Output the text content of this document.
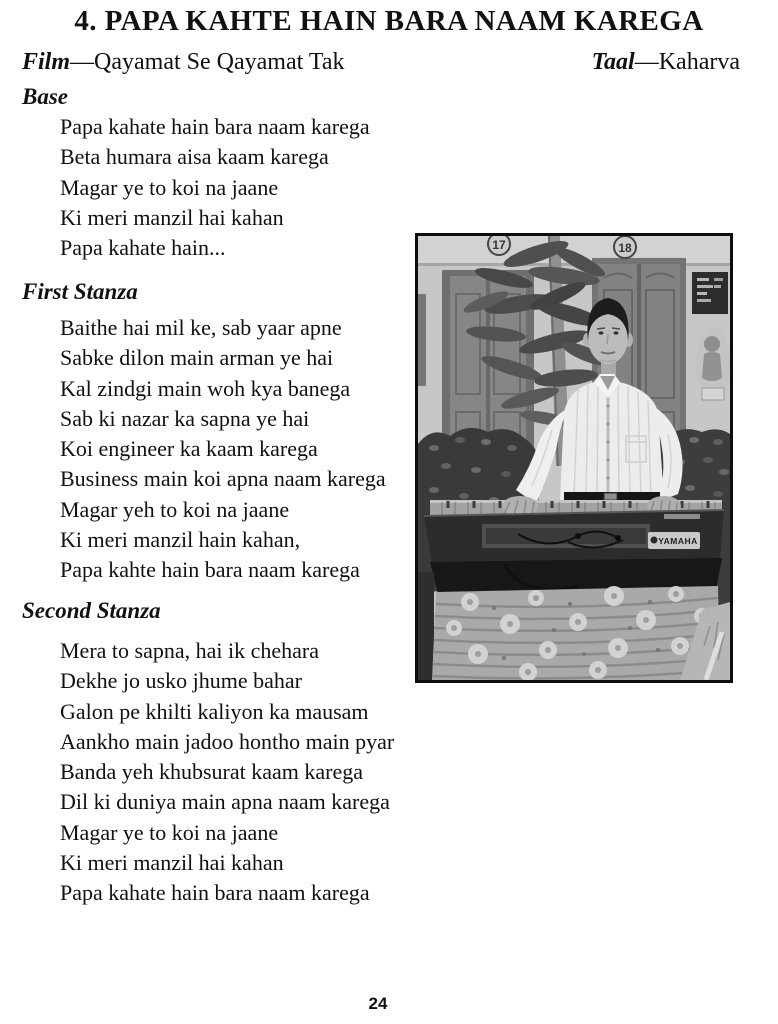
4. PAPA KAHTE HAIN BARA NAAM KAREGA
Film—Qayamat Se Qayamat Tak	Taal—Kaharva
Base
Papa kahate hain bara naam karega
Beta humara aisa kaam karega
Magar ye to koi na jaane
Ki meri manzil hai kahan
Papa kahate hain...
First Stanza
Baithe hai mil ke, sab yaar apne
Sabke dilon main arman ye hai
Kal zindgi main woh kya banega
Sab ki nazar ka sapna ye hai
Koi engineer ka kaam karega
Business main koi apna naam karega
Magar yeh to koi na jaane
Ki meri manzil hain kahan,
Papa kahte hain bara naam karega
Second Stanza
Mera to sapna, hai ik chehara
Dekhe jo usko jhume bahar
Galon pe khilti kaliyon ka mausam
Aankho main jadoo hontho main pyar
Banda yeh khubsurat kaam karega
Dil ki duniya main apna naam karega
Magar ye to koi na jaane
Ki meri manzil hai kahan
Papa kahate hain bara naam karega
17	18
YAMAHA
24
